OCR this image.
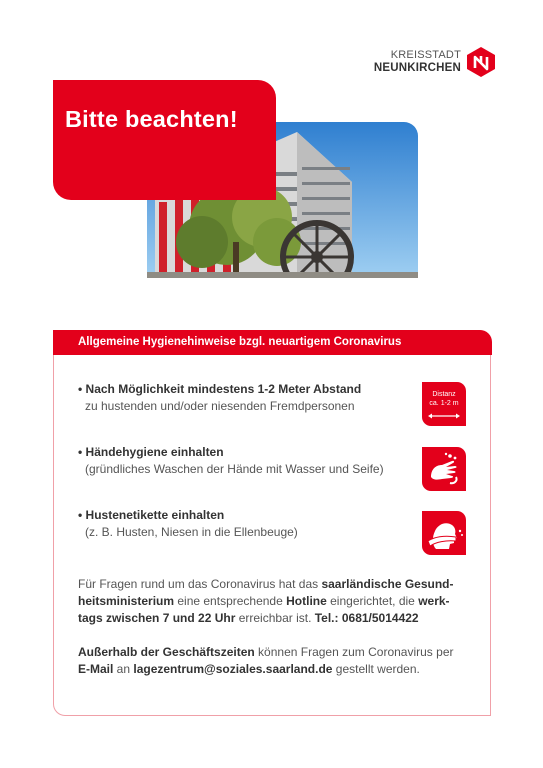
KREISSTADT
NEUNKIRCHEN
Bitte beachten!
Allgemeine Hygienehinweise bzgl. neuartigem Coronavirus
• Nach Möglichkeit mindestens 1-2 Meter Abstand
zu hustenden und/oder niesenden Fremdpersonen
Distanz
ca. 1-2 m
• Händehygiene einhalten
(gründliches Waschen der Hände mit Wasser und Seife)
• Hustenetikette einhalten
(z. B. Husten, Niesen in die Ellenbeuge)
Für Fragen rund um das Coronavirus hat das saarländische Gesund-
heitsministerium eine entsprechende Hotline eingerichtet, die werk-
tags zwischen 7 und 22 Uhr erreichbar ist. Tel.: 0681/5014422
Außerhalb der Geschäftszeiten können Fragen zum Coronavirus per
E-Mail an lagezentrum@soziales.saarland.de gestellt werden.
